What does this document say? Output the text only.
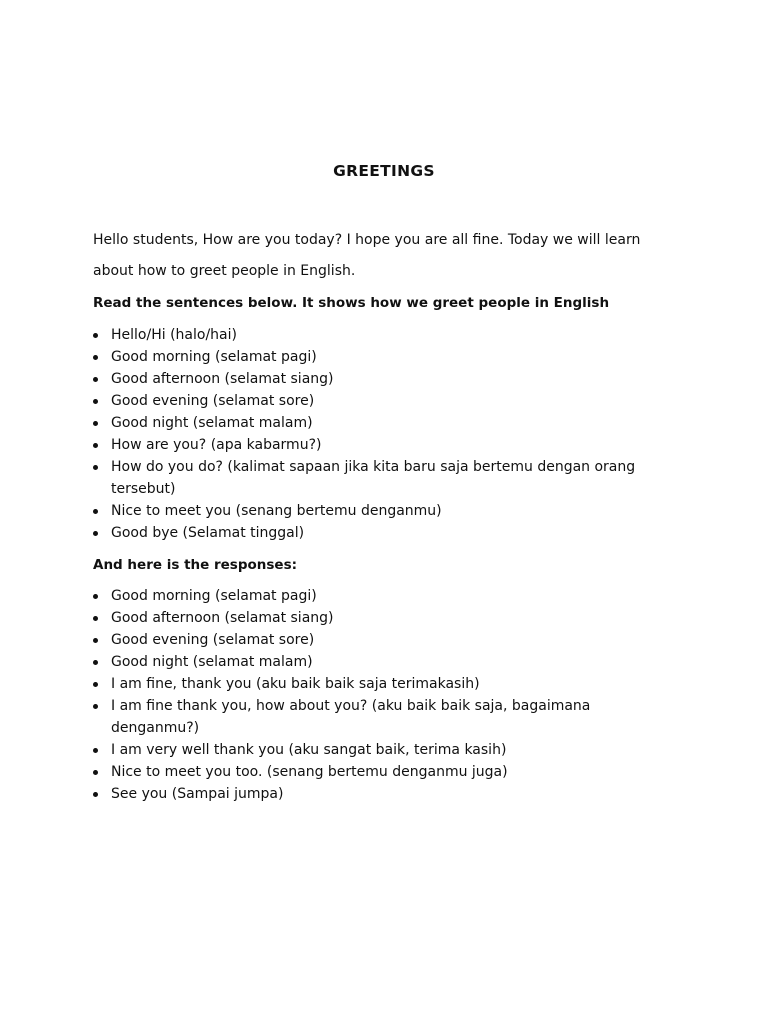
GREETINGS
Hello students, How are you today? I hope you are all fine. Today we will learn
about how to greet people in English.
Read the sentences below. It shows how we greet people in English
Hello/Hi (halo/hai)
Good morning (selamat pagi)
Good afternoon (selamat siang)
Good evening (selamat sore)
Good night (selamat malam)
How are you? (apa kabarmu?)
How do you do? (kalimat sapaan jika kita baru saja bertemu dengan orang tersebut)
Nice to meet you (senang bertemu denganmu)
Good bye (Selamat tinggal)
And here is the responses:
Good morning (selamat pagi)
Good afternoon (selamat siang)
Good evening (selamat sore)
Good night (selamat malam)
I am fine, thank you (aku baik baik saja terimakasih)
I am fine thank you, how about you? (aku baik baik saja, bagaimana denganmu?)
I am very well thank you (aku sangat baik, terima kasih)
Nice to meet you too. (senang bertemu denganmu juga)
See you (Sampai jumpa)
